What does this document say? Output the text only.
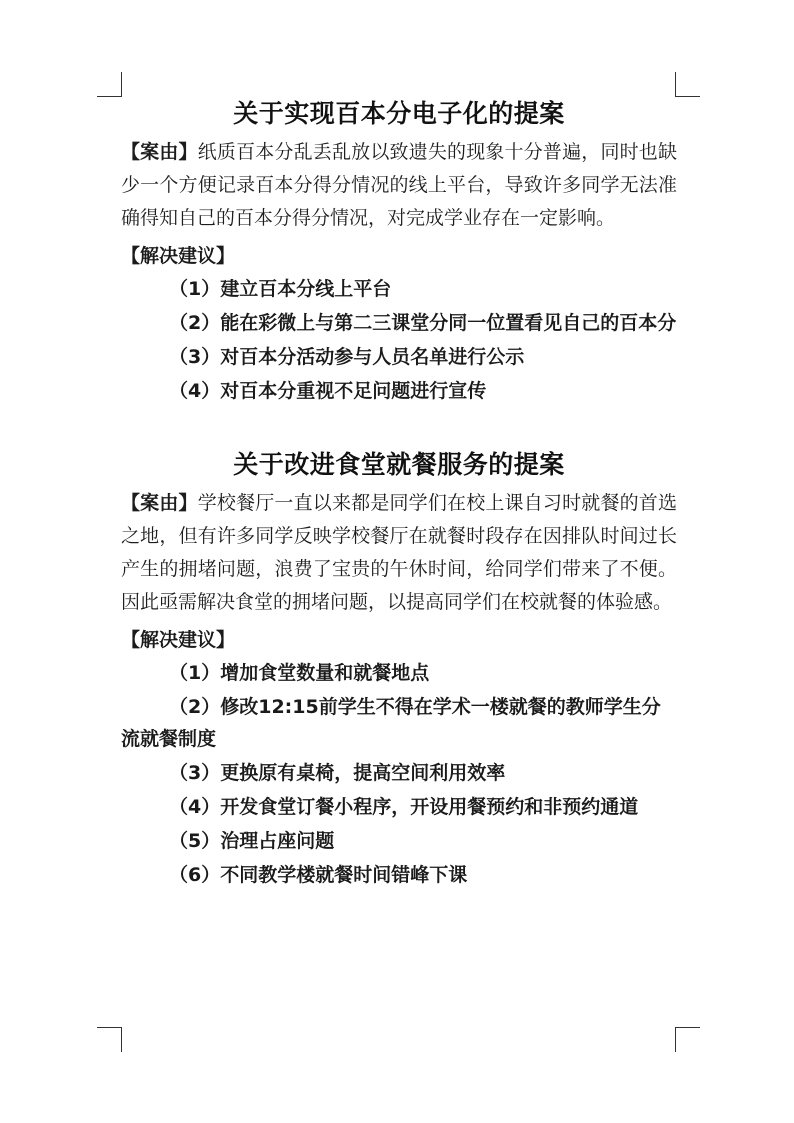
关于实现百本分电子化的提案

【案由】纸质百本分乱丢乱放以致遗失的现象十分普遍，同时也缺少一个方便记录百本分得分情况的线上平台，导致许多同学无法准确得知自己的百本分得分情况，对完成学业存在一定影响。

【解决建议】

（1）建立百本分线上平台

（2）能在彩微上与第二三课堂分同一位置看见自己的百本分

（3）对百本分活动参与人员名单进行公示

（4）对百本分重视不足问题进行宣传

关于改进食堂就餐服务的提案

【案由】学校餐厅一直以来都是同学们在校上课自习时就餐的首选之地，但有许多同学反映学校餐厅在就餐时段存在因排队时间过长产生的拥堵问题，浪费了宝贵的午休时间，给同学们带来了不便。因此亟需解决食堂的拥堵问题，以提高同学们在校就餐的体验感。

【解决建议】

（1）增加食堂数量和就餐地点

（2）修改12:15前学生不得在学术一楼就餐的教师学生分流就餐制度

（3）更换原有桌椅，提高空间利用效率

（4）开发食堂订餐小程序，开设用餐预约和非预约通道

（5）治理占座问题

（6）不同教学楼就餐时间错峰下课
